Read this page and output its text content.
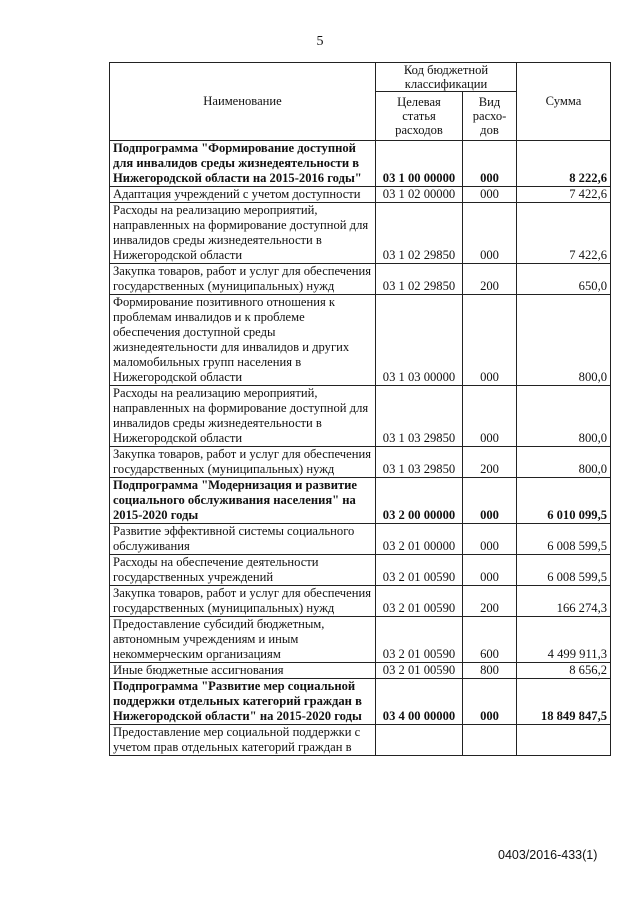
5
Наименование	Код бюджетной классификации		Сумма
	Целевая статья расходов	Вид расхо-дов	
Подпрограмма "Формирование доступной для инвалидов среды жизнедеятельности в Нижегородской области на 2015-2016 годы"	03 1 00 00000	000	8 222,6
Адаптация учреждений с учетом доступности	03 1 02 00000	000	7 422,6
Расходы на реализацию мероприятий, направленных на формирование доступной для инвалидов среды жизнедеятельности в Нижегородской области	03 1 02 29850	000	7 422,6
Закупка товаров, работ и услуг для обеспечения государственных (муниципальных) нужд	03 1 02 29850	200	650,0
Формирование позитивного отношения к проблемам инвалидов и к проблеме обеспечения доступной среды жизнедеятельности для инвалидов и других маломобильных групп населения в Нижегородской области	03 1 03 00000	000	800,0
Расходы на реализацию мероприятий, направленных на формирование доступной для инвалидов среды жизнедеятельности в Нижегородской области	03 1 03 29850	000	800,0
Закупка товаров, работ и услуг для обеспечения государственных (муниципальных) нужд	03 1 03 29850	200	800,0
Подпрограмма "Модернизация и развитие социального обслуживания населения" на 2015-2020 годы	03 2 00 00000	000	6 010 099,5
Развитие эффективной системы социального обслуживания	03 2 01 00000	000	6 008 599,5
Расходы на обеспечение деятельности государственных учреждений	03 2 01 00590	000	6 008 599,5
Закупка товаров, работ и услуг для обеспечения государственных (муниципальных) нужд	03 2 01 00590	200	166 274,3
Предоставление субсидий бюджетным, автономным учреждениям и иным некоммерческим организациям	03 2 01 00590	600	4 499 911,3
Иные бюджетные ассигнования	03 2 01 00590	800	8 656,2
Подпрограмма "Развитие мер социальной поддержки отдельных категорий граждан в Нижегородской области" на 2015-2020 годы	03 4 00 00000	000	18 849 847,5
Предоставление мер социальной поддержки с учетом прав отдельных категорий граждан в			
0403/2016-433(1)
